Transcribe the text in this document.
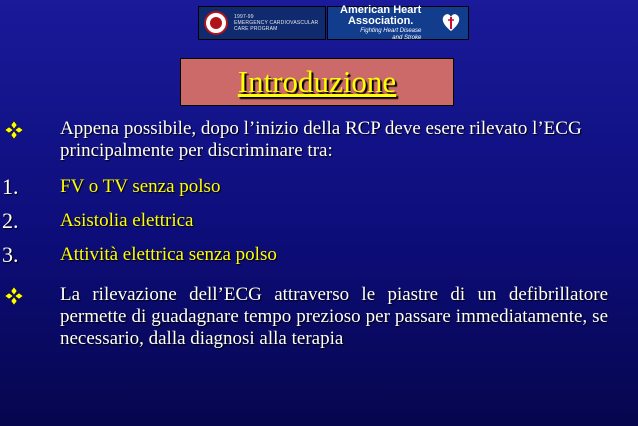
1997-99
EMERGENCY CARDIOVASCULAR
CARE PROGRAM
American Heart
Association.
Fighting Heart Disease
and Stroke
Introduzione
Appena possibile, dopo l’inizio della RCP deve esere rilevato l’ECG principalmente per discriminare tra:
1. FV o TV senza polso
2. Asistolia elettrica
3. Attività elettrica senza polso
La rilevazione dell’ECG attraverso le piastre di un defibrillatore permette di guadagnare tempo prezioso per passare immediatamente, se necessario, dalla diagnosi alla terapia
